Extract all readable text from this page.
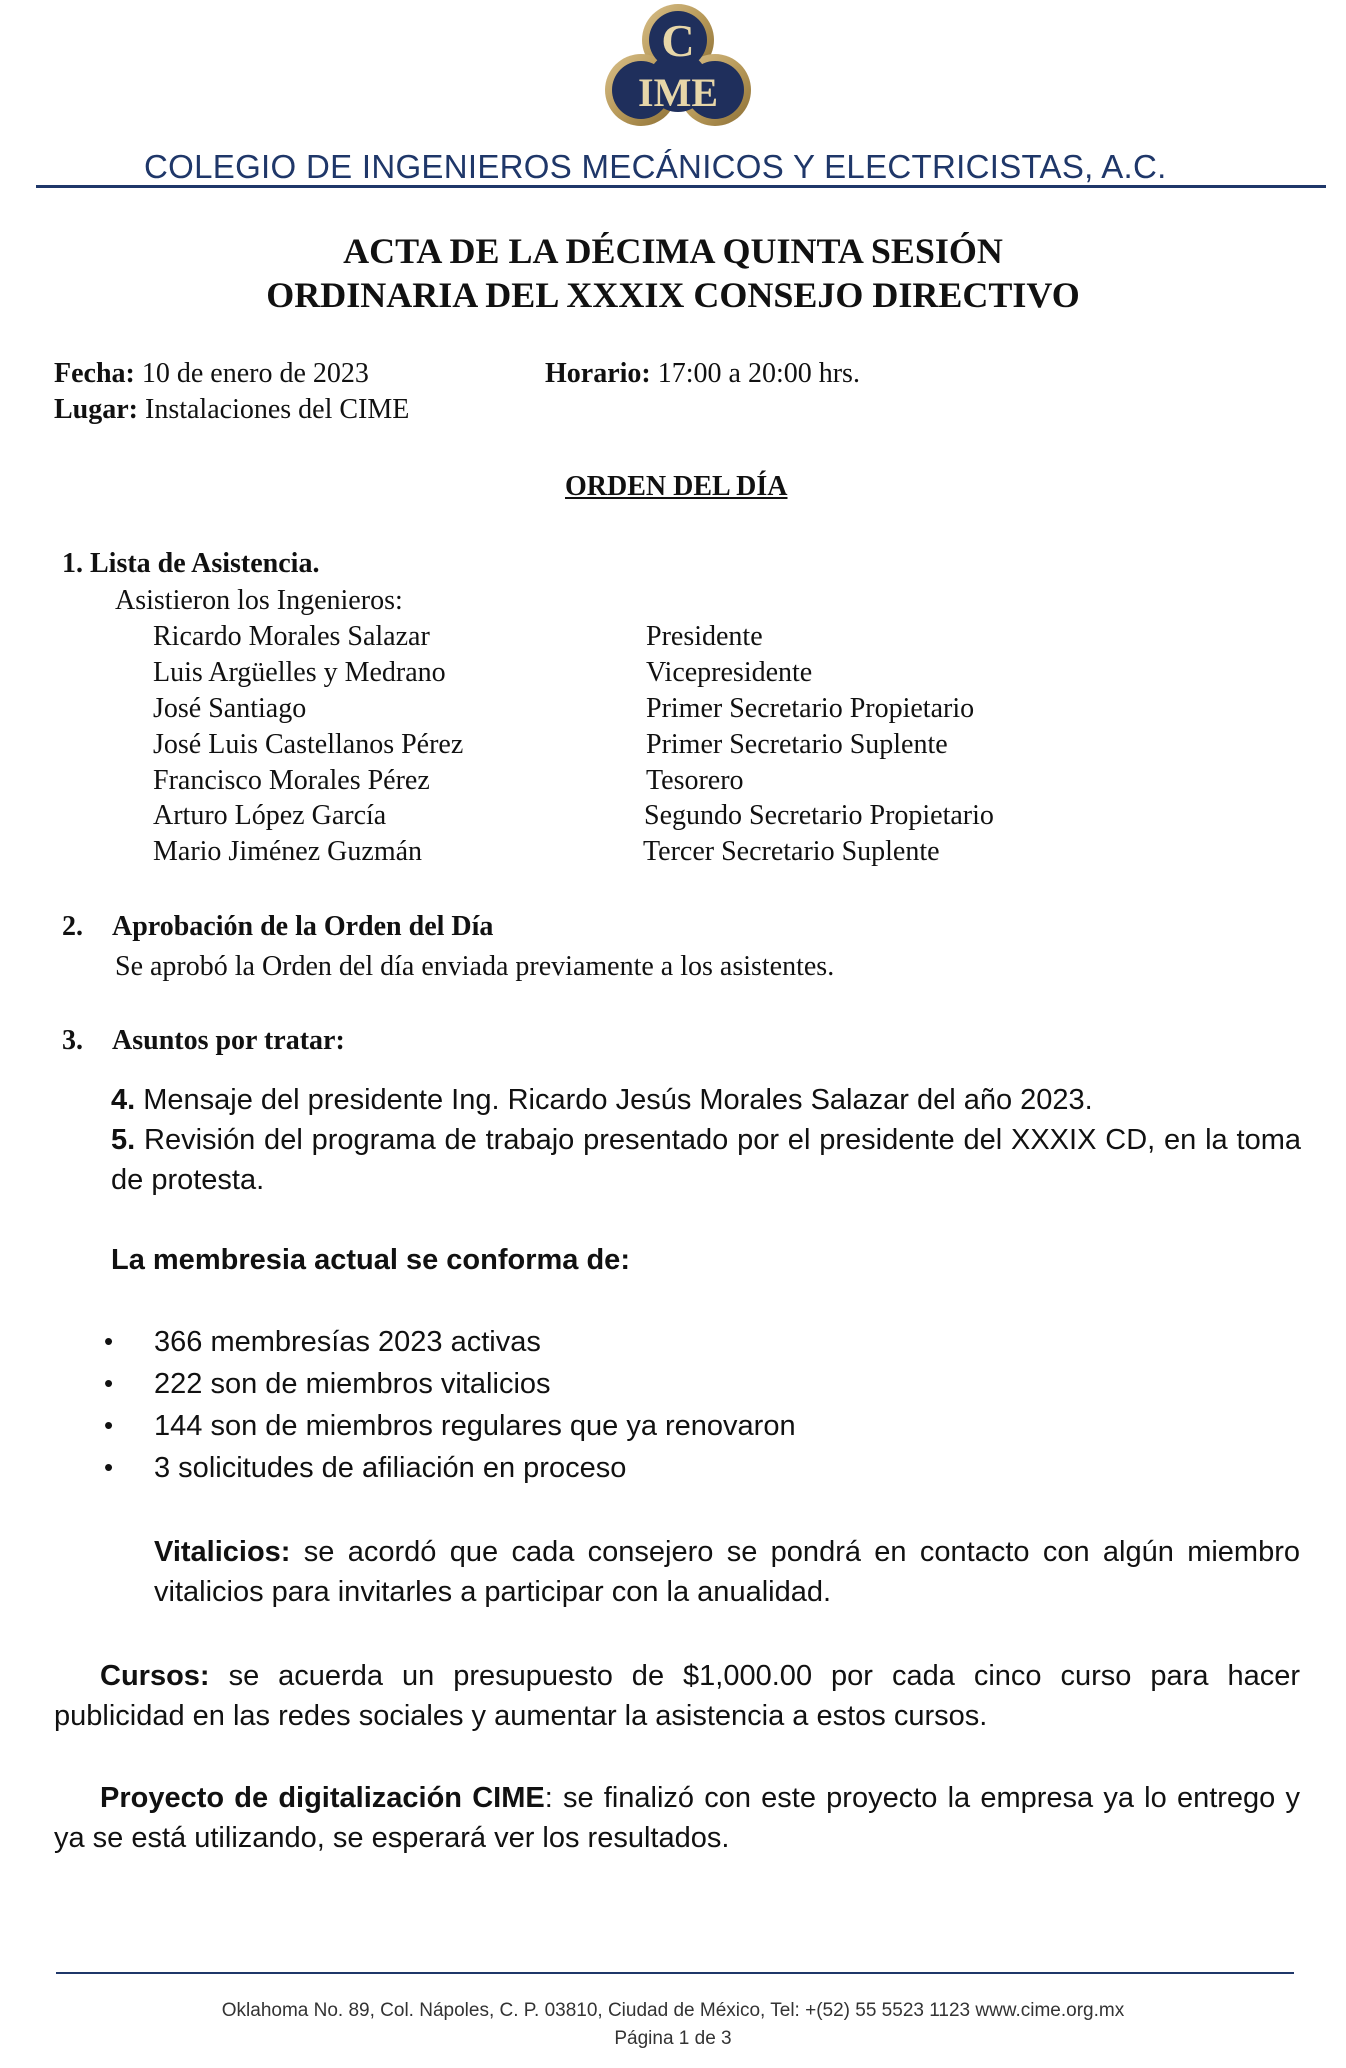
C
IME
COLEGIO DE INGENIEROS MECÁNICOS Y ELECTRICISTAS, A.C.
ACTA DE LA DÉCIMA QUINTA SESIÓN
ORDINARIA DEL XXXIX CONSEJO DIRECTIVO
Fecha: 10 de enero de 2023	Horario: 17:00 a 20:00 hrs.
Lugar: Instalaciones del CIME
ORDEN DEL DÍA
1. Lista de Asistencia.
Asistieron los Ingenieros:
Ricardo Morales Salazar	Presidente
Luis Argüelles y Medrano	Vicepresidente
José Santiago	Primer Secretario Propietario
José Luis Castellanos Pérez	Primer Secretario Suplente
Francisco Morales Pérez	Tesorero
Arturo López García	Segundo Secretario Propietario
Mario Jiménez Guzmán	Tercer Secretario Suplente
2. Aprobación de la Orden del Día
Se aprobó la Orden del día enviada previamente a los asistentes.
3. Asuntos por tratar:
4. Mensaje del presidente Ing. Ricardo Jesús Morales Salazar del año 2023.
5. Revisión del programa de trabajo presentado por el presidente del XXXIX CD, en la toma de protesta.
La membresia actual se conforma de:
• 366 membresías 2023 activas
• 222 son de miembros vitalicios
• 144 son de miembros regulares que ya renovaron
• 3 solicitudes de afiliación en proceso
Vitalicios: se acordó que cada consejero se pondrá en contacto con algún miembro vitalicios para invitarles a participar con la anualidad.
Cursos: se acuerda un presupuesto de $1,000.00 por cada cinco curso para hacer publicidad en las redes sociales y aumentar la asistencia a estos cursos.
Proyecto de digitalización CIME: se finalizó con este proyecto la empresa ya lo entrego y ya se está utilizando, se esperará ver los resultados.
Oklahoma No. 89, Col. Nápoles, C. P. 03810, Ciudad de México, Tel: +(52) 55 5523 1123 www.cime.org.mx
Página 1 de 3
